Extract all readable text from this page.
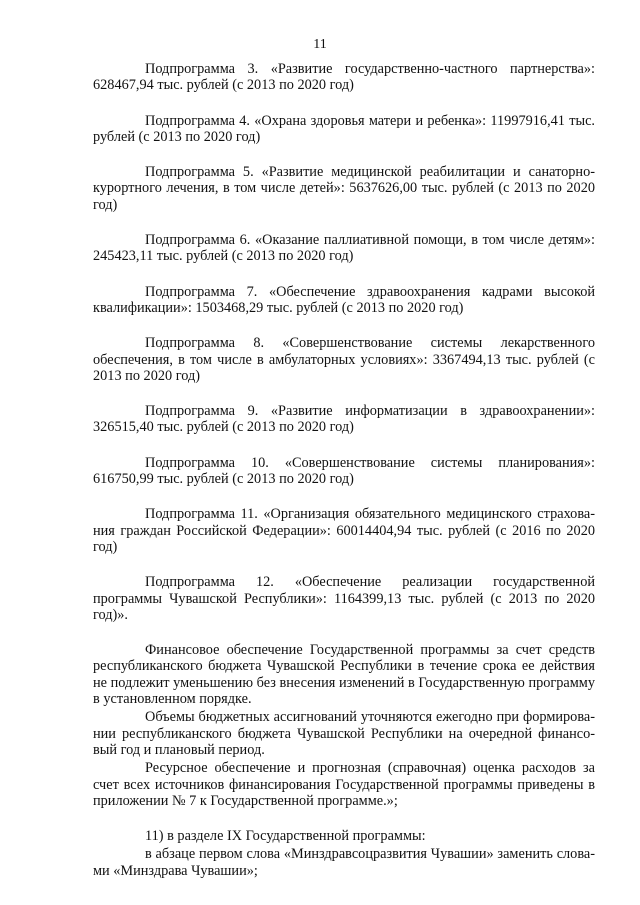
11

Подпрограмма 3. «Развитие государственно-частного партнерства»: 628467,94 тыс. рублей (с 2013 по 2020 год)

Подпрограмма 4. «Охрана здоровья матери и ребенка»: 11997916,41 тыс. рублей (с 2013 по 2020 год)

Подпрограмма 5. «Развитие медицинской реабилитации и санаторно-курортного лечения, в том числе детей»: 5637626,00 тыс. рублей (с 2013 по 2020 год)

Подпрограмма 6. «Оказание паллиативной помощи, в том числе детям»: 245423,11 тыс. рублей (с 2013 по 2020 год)

Подпрограмма 7. «Обеспечение здравоохранения кадрами высокой квалификации»: 1503468,29 тыс. рублей (с 2013 по 2020 год)

Подпрограмма 8. «Совершенствование системы лекарственного обеспечения, в том числе в амбулаторных условиях»: 3367494,13 тыс. рублей (с 2013 по 2020 год)

Подпрограмма 9. «Развитие информатизации в здравоохранении»: 326515,40 тыс. рублей (с 2013 по 2020 год)

Подпрограмма 10. «Совершенствование системы планирования»: 616750,99 тыс. рублей (с 2013 по 2020 год)

Подпрограмма 11. «Организация обязательного медицинского страхования граждан Российской Федерации»: 60014404,94 тыс. рублей (с 2016 по 2020 год)

Подпрограмма 12. «Обеспечение реализации государственной программы Чувашской Республики»: 1164399,13 тыс. рублей (с 2013 по 2020 год)».

Финансовое обеспечение Государственной программы за счет средств республиканского бюджета Чувашской Республики в течение срока ее действия не подлежит уменьшению без внесения изменений в Государственную программу в установленном порядке.

Объемы бюджетных ассигнований уточняются ежегодно при формировании республиканского бюджета Чувашской Республики на очередной финансовый год и плановый период.

Ресурсное обеспечение и прогнозная (справочная) оценка расходов за счет всех источников финансирования Государственной программы приведены в приложении № 7 к Государственной программе.»;

11) в разделе IX Государственной программы:

в абзаце первом слова «Минздравсоцразвития Чувашии» заменить словами «Минздрава Чувашии»;
